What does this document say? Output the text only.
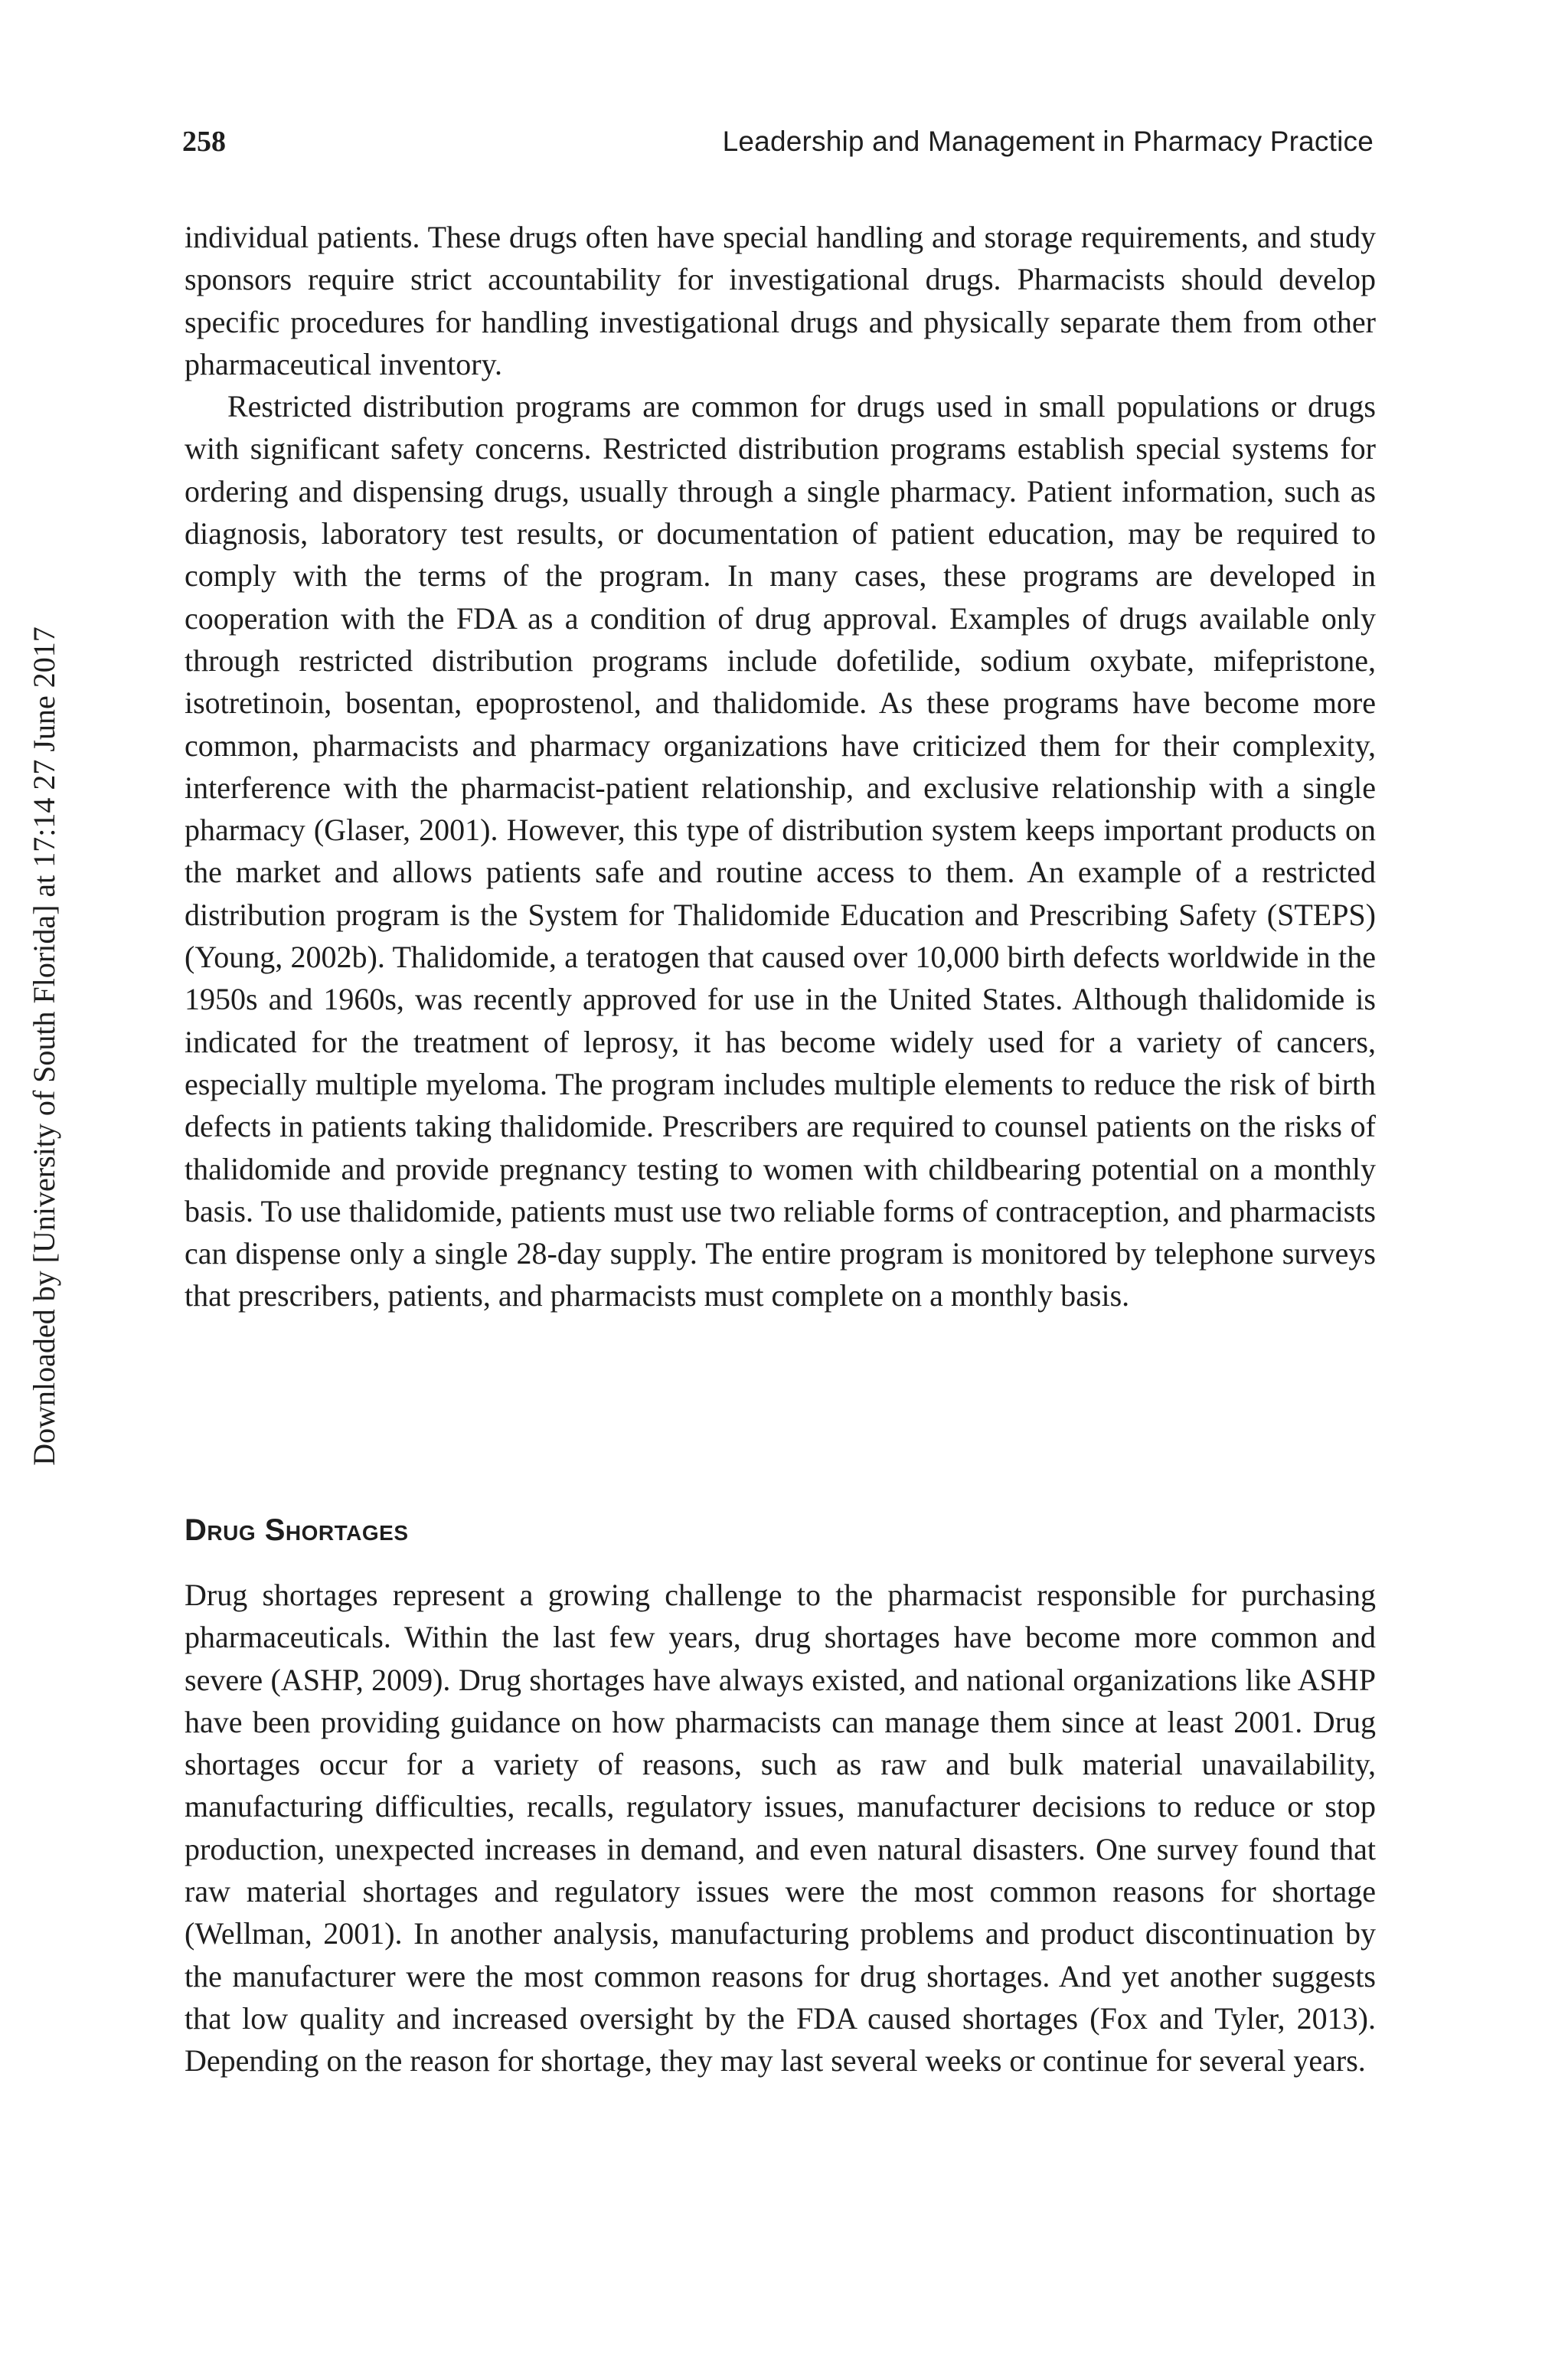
258	Leadership and Management in Pharmacy Practice
Downloaded by [University of South Florida] at 17:14 27 June 2017

individual patients. These drugs often have special handling and storage requirements, and study sponsors require strict accountability for investigational drugs. Pharmacists should develop specific procedures for handling investigational drugs and physically separate them from other pharmaceutical inventory.

Restricted distribution programs are common for drugs used in small populations or drugs with significant safety concerns. Restricted distribution programs establish special systems for ordering and dispensing drugs, usually through a single pharmacy. Patient information, such as diagnosis, laboratory test results, or documentation of patient education, may be required to comply with the terms of the program. In many cases, these programs are developed in cooperation with the FDA as a condition of drug approval. Examples of drugs available only through restricted distribution programs include dofetilide, sodium oxybate, mifepristone, isotretinoin, bosentan, epoprostenol, and thalidomide. As these programs have become more common, pharmacists and pharmacy organizations have criticized them for their complexity, interference with the pharmacist-patient relationship, and exclusive relationship with a single pharmacy (Glaser, 2001). However, this type of distribution system keeps important products on the market and allows patients safe and routine access to them. An example of a restricted distribution program is the System for Thalidomide Education and Prescribing Safety (STEPS) (Young, 2002b). Thalidomide, a teratogen that caused over 10,000 birth defects worldwide in the 1950s and 1960s, was recently approved for use in the United States. Although thalidomide is indicated for the treatment of leprosy, it has become widely used for a variety of cancers, especially multiple myeloma. The program includes multiple elements to reduce the risk of birth defects in patients taking thalidomide. Prescribers are required to counsel patients on the risks of thalidomide and provide pregnancy testing to women with childbearing potential on a monthly basis. To use thalidomide, patients must use two reliable forms of contraception, and pharmacists can dispense only a single 28-day supply. The entire program is monitored by telephone surveys that prescribers, patients, and pharmacists must complete on a monthly basis.

Drug Shortages

Drug shortages represent a growing challenge to the pharmacist responsible for purchasing pharmaceuticals. Within the last few years, drug shortages have become more common and severe (ASHP, 2009). Drug shortages have always existed, and national organizations like ASHP have been providing guidance on how pharmacists can manage them since at least 2001. Drug shortages occur for a variety of reasons, such as raw and bulk material unavailability, manufacturing difficulties, recalls, regulatory issues, manufacturer decisions to reduce or stop production, unexpected increases in demand, and even natural disasters. One survey found that raw material shortages and regulatory issues were the most common reasons for shortage (Wellman, 2001). In another analysis, manufacturing problems and product discontinuation by the manufacturer were the most common reasons for drug shortages. And yet another suggests that low quality and increased oversight by the FDA caused shortages (Fox and Tyler, 2013). Depending on the reason for shortage, they may last several weeks or continue for several years.
